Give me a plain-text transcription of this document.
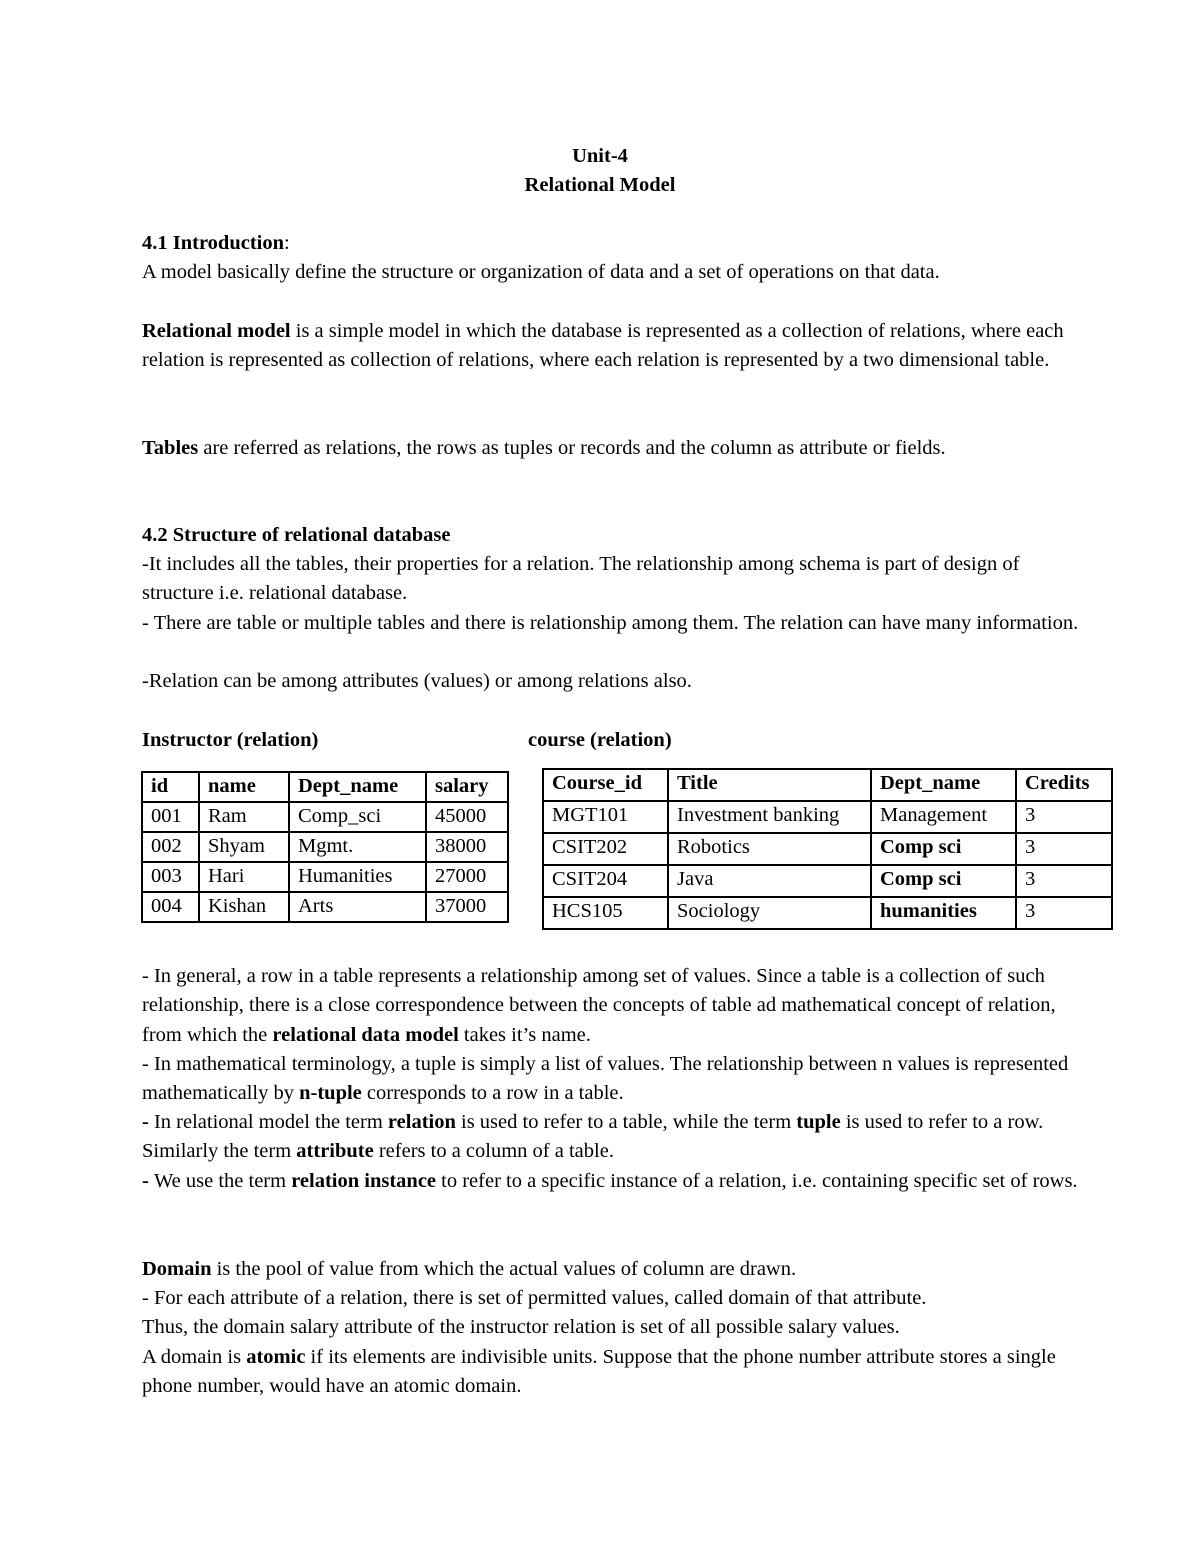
Unit-4
Relational Model
4.1 Introduction:
A model basically define the structure or organization of data and a set of operations on that data.
Relational model is a simple model in which the database is represented as a collection of relations, where each relation is represented as collection of relations, where each relation is represented by a two dimensional table.
Tables are referred as relations, the rows as tuples or records and the column as attribute or fields.
4.2 Structure of relational database
-It includes all the tables, their properties for a relation. The relationship among schema is part of design of structure i.e. relational database.
- There are table or multiple tables and there is relationship among them. The relation can have many information.
-Relation can be among attributes (values) or among relations also.
Instructor (relation)	course (relation)
id	name	Dept_name	salary
001	Ram	Comp_sci	45000
002	Shyam	Mgmt.	38000
003	Hari	Humanities	27000
004	Kishan	Arts	37000
Course_id	Title	Dept_name	Credits
MGT101	Investment banking	Management	3
CSIT202	Robotics	Comp sci	3
CSIT204	Java	Comp sci	3
HCS105	Sociology	humanities	3
- In general, a row in a table represents a relationship among set of values. Since a table is a collection of such relationship, there is a close correspondence between the concepts of table ad mathematical concept of relation, from which the relational data model takes it’s name.
- In mathematical terminology, a tuple is simply a list of values. The relationship between n values is represented mathematically by n-tuple corresponds to a row in a table.
- In relational model the term relation is used to refer to a table, while the term tuple is used to refer to a row. Similarly the term attribute refers to a column of a table.
- We use the term relation instance to refer to a specific instance of a relation, i.e. containing specific set of rows.
Domain is the pool of value from which the actual values of column are drawn.
- For each attribute of a relation, there is set of permitted values, called domain of that attribute.
Thus, the domain salary attribute of the instructor relation is set of all possible salary values.
A domain is atomic if its elements are indivisible units. Suppose that the phone number attribute stores a single phone number, would have an atomic domain.
